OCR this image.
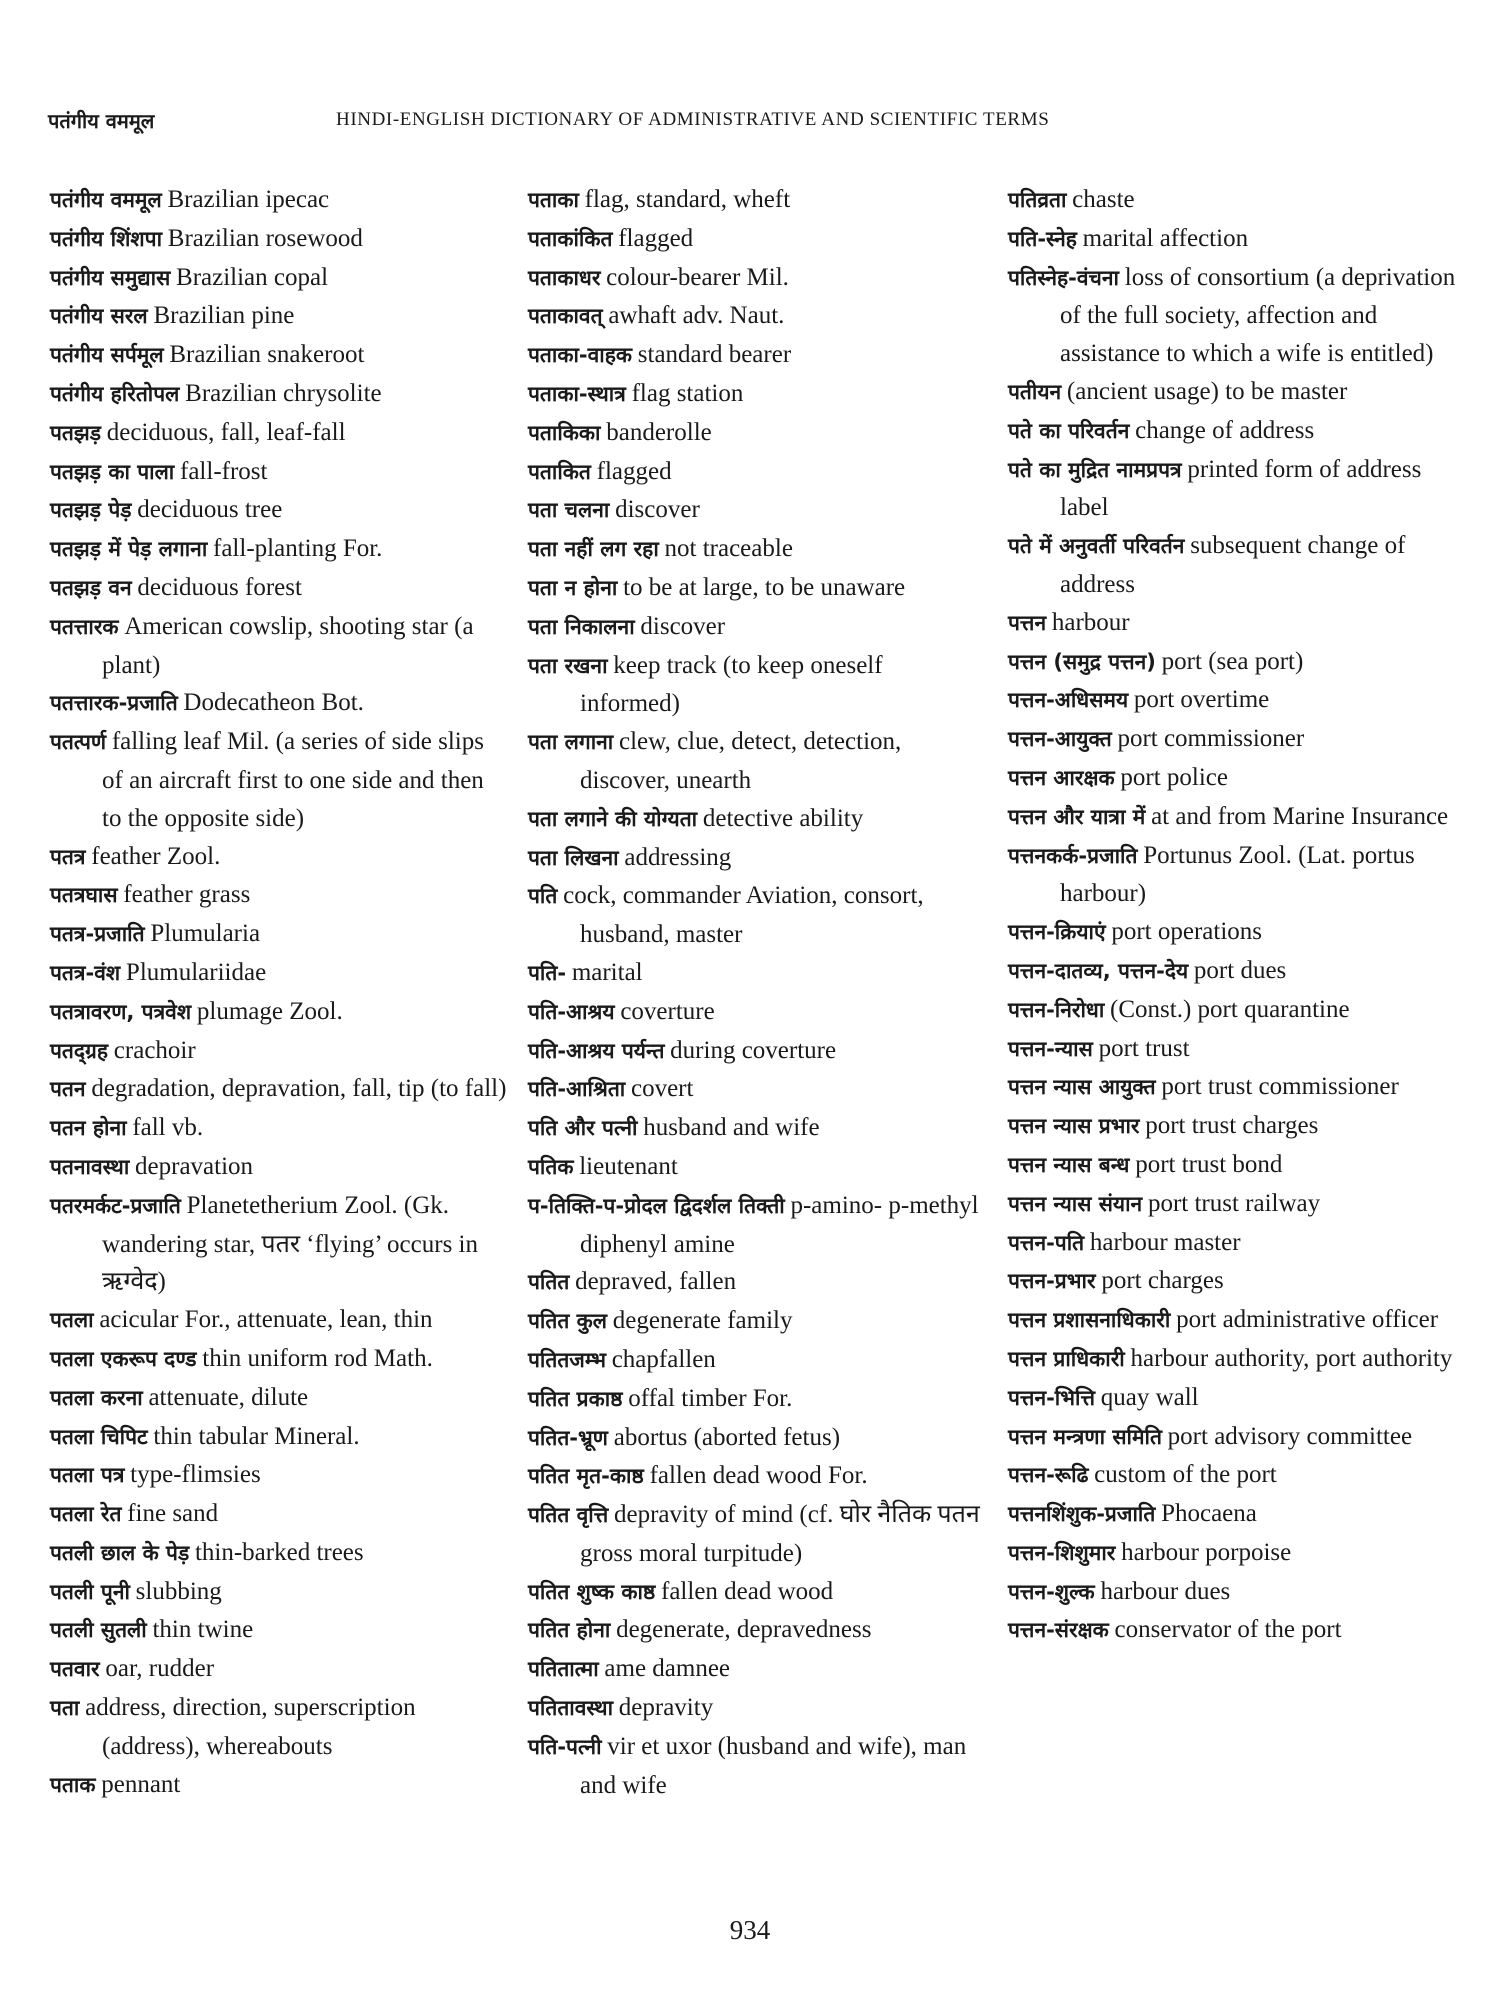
पतंगीय वममूल	HINDI-ENGLISH DICTIONARY OF ADMINISTRATIVE AND SCIENTIFIC TERMS
पतंगीय वममूल Brazilian ipecac
पतंगीय शिंशपा Brazilian rosewood
पतंगीय समुद्यास Brazilian copal
पतंगीय सरल Brazilian pine
पतंगीय सर्पमूल Brazilian snakeroot
पतंगीय हरितोपल Brazilian chrysolite
पतझड़ deciduous, fall, leaf-fall
पतझड़ का पाला fall-frost
पतझड़ पेड़ deciduous tree
पतझड़ में पेड़ लगाना fall-planting For.
पतझड़ वन deciduous forest
पतत्तारक American cowslip, shooting star (a plant)
पतत्तारक-प्रजाति Dodecatheon Bot.
पतत्पर्ण falling leaf Mil. (a series of side slips of an aircraft first to one side and then to the opposite side)
पतत्र feather Zool.
पतत्रघास feather grass
पतत्र-प्रजाति Plumularia
पतत्र-वंश Plumulariidae
पतत्रावरण, पत्रवेश plumage Zool.
पतद्ग्रह crachoir
पतन degradation, depravation, fall, tip (to fall)
पतन होना fall vb.
पतनावस्था depravation
पतरमर्कट-प्रजाति Planetetherium Zool. (Gk. wandering star, पतर ‘flying’ occurs in ऋग्वेद)
पतला acicular For., attenuate, lean, thin
पतला एकरूप दण्ड thin uniform rod Math.
पतला करना attenuate, dilute
पतला चिपिट thin tabular Mineral.
पतला पत्र type-flimsies
पतला रेत fine sand
पतली छाल के पेड़ thin-barked trees
पतली पूनी slubbing
पतली सुतली thin twine
पतवार oar, rudder
पता address, direction, superscription (address), whereabouts
पताक pennant
पताका flag, standard, wheft
पताकांकित flagged
पताकाधर colour-bearer Mil.
पताकावत् awhaft adv. Naut.
पताका-वाहक standard bearer
पताका-स्थात्र flag station
पताकिका banderolle
पताकित flagged
पता चलना discover
पता नहीं लग रहा not traceable
पता न होना to be at large, to be unaware
पता निकालना discover
पता रखना keep track (to keep oneself informed)
पता लगाना clew, clue, detect, detection, discover, unearth
पता लगाने की योग्यता detective ability
पता लिखना addressing
पति cock, commander Aviation, consort, husband, master
पति- marital
पति-आश्रय coverture
पति-आश्रय पर्यन्त during coverture
पति-आश्रिता covert
पति और पत्नी husband and wife
पतिक lieutenant
प-तिक्ति-प-प्रोदल द्विदर्शल तिक्ती p-amino- p-methyl diphenyl amine
पतित depraved, fallen
पतित कुल degenerate family
पतितजम्भ chapfallen
पतित प्रकाष्ठ offal timber For.
पतित-भ्रूण abortus (aborted fetus)
पतित मृत-काष्ठ fallen dead wood For.
पतित वृत्ति depravity of mind (cf. घोर नैतिक पतन gross moral turpitude)
पतित शुष्क काष्ठ fallen dead wood
पतित होना degenerate, depravedness
पतितात्मा ame damnee
पतितावस्था depravity
पति-पत्नी vir et uxor (husband and wife), man and wife
पतिव्रता chaste
पति-स्नेह marital affection
पतिस्नेह-वंचना loss of consortium (a deprivation of the full society, affection and assistance to which a wife is entitled)
पतीयन (ancient usage) to be master
पते का परिवर्तन change of address
पते का मुद्रित नामप्रपत्र printed form of address label
पते में अनुवर्ती परिवर्तन subsequent change of address
पत्तन harbour
पत्तन (समुद्र पत्तन) port (sea port)
पत्तन-अधिसमय port overtime
पत्तन-आयुक्त port commissioner
पत्तन आरक्षक port police
पत्तन और यात्रा में at and from Marine Insurance
पत्तनकर्क-प्रजाति Portunus Zool. (Lat. portus harbour)
पत्तन-क्रियाएं port operations
पत्तन-दातव्य, पत्तन-देय port dues
पत्तन-निरोधा (Const.) port quarantine
पत्तन-न्यास port trust
पत्तन न्यास आयुक्त port trust commissioner
पत्तन न्यास प्रभार port trust charges
पत्तन न्यास बन्ध port trust bond
पत्तन न्यास संयान port trust railway
पत्तन-पति harbour master
पत्तन-प्रभार port charges
पत्तन प्रशासनाधिकारी port administrative officer
पत्तन प्राधिकारी harbour authority, port authority
पत्तन-भित्ति quay wall
पत्तन मन्त्रणा समिति port advisory committee
पत्तन-रूढि custom of the port
पत्तनशिंशुक-प्रजाति Phocaena
पत्तन-शिशुमार harbour porpoise
पत्तन-शुल्क harbour dues
पत्तन-संरक्षक conservator of the port
934
